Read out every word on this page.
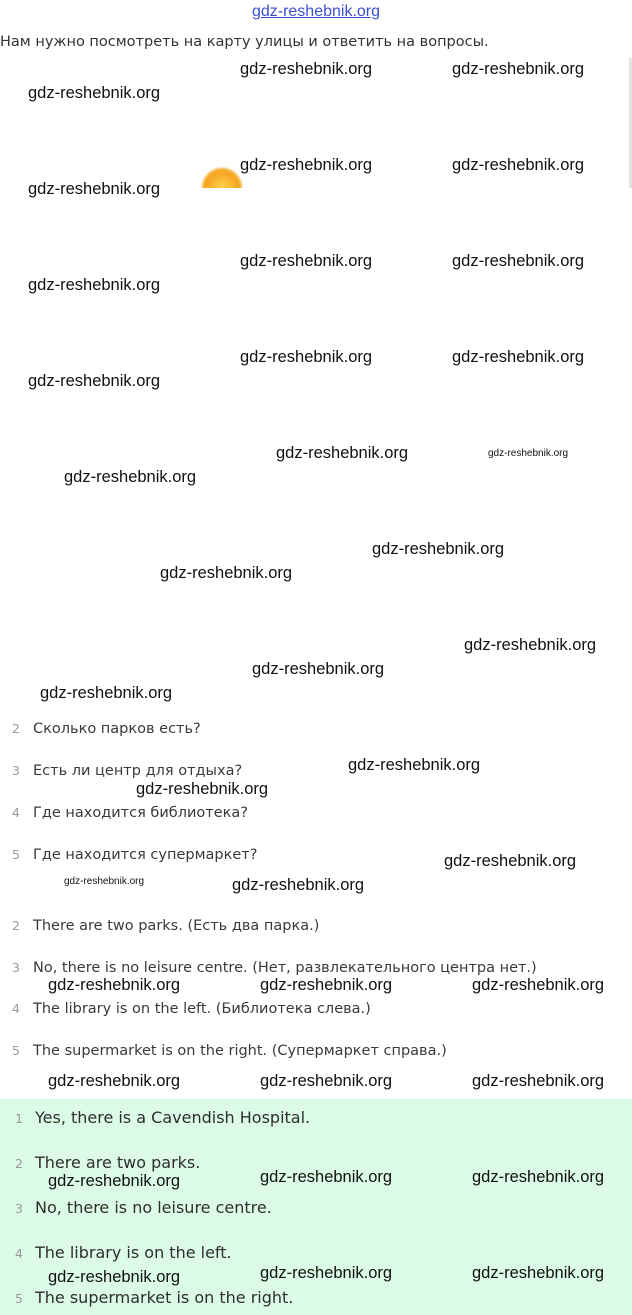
gdz-reshebnik.org
Нам нужно посмотреть на карту улицы и ответить на вопросы.
2 Сколько парков есть?
3 Есть ли центр для отдыха?
4 Где находится библиотека?
5 Где находится супермаркет?
2 There are two parks. (Есть два парка.)
3 No, there is no leisure centre. (Нет, развлекательного центра нет.)
4 The library is on the left. (Библиотека слева.)
5 The supermarket is on the right. (Супермаркет справа.)
1 Yes, there is a Cavendish Hospital.
2 There are two parks.
3 No, there is no leisure centre.
4 The library is on the left.
5 The supermarket is on the right.
gdz-reshebnik.org	gdz-reshebnik.org
gdz-reshebnik.org
gdz-reshebnik.org	gdz-reshebnik.org
gdz-reshebnik.org
gdz-reshebnik.org	gdz-reshebnik.org
gdz-reshebnik.org
gdz-reshebnik.org	gdz-reshebnik.org
gdz-reshebnik.org
gdz-reshebnik.org	gdz-reshebnik.org
gdz-reshebnik.org
gdz-reshebnik.org
gdz-reshebnik.org
gdz-reshebnik.org
gdz-reshebnik.org
gdz-reshebnik.org
gdz-reshebnik.org
gdz-reshebnik.org
gdz-reshebnik.org
gdz-reshebnik.org	gdz-reshebnik.org
gdz-reshebnik.org	gdz-reshebnik.org	gdz-reshebnik.org
gdz-reshebnik.org	gdz-reshebnik.org	gdz-reshebnik.org
gdz-reshebnik.org	gdz-reshebnik.org
gdz-reshebnik.org
gdz-reshebnik.org	gdz-reshebnik.org
gdz-reshebnik.org
